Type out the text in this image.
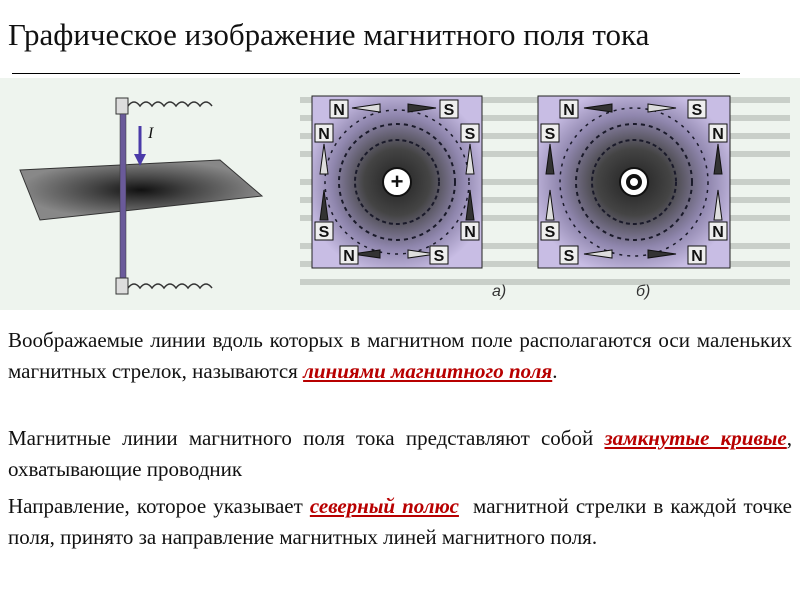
Графическое изображение магнитного поля тока
I
+
N	S
N	S
S	N
N	S
а)
N	S
S	N
S	N
S	N
б)

Воображаемые линии вдоль которых в магнитном поле располагаются оси маленьких магнитных стрелок, называются линиями магнитного поля.

Магнитные линии магнитного поля тока представляют собой замкнутые кривые, охватывающие проводник

Направление, которое указывает северный полюс  магнитной стрелки в каждой точке поля, принято за направление магнитных линей магнитного поля.
